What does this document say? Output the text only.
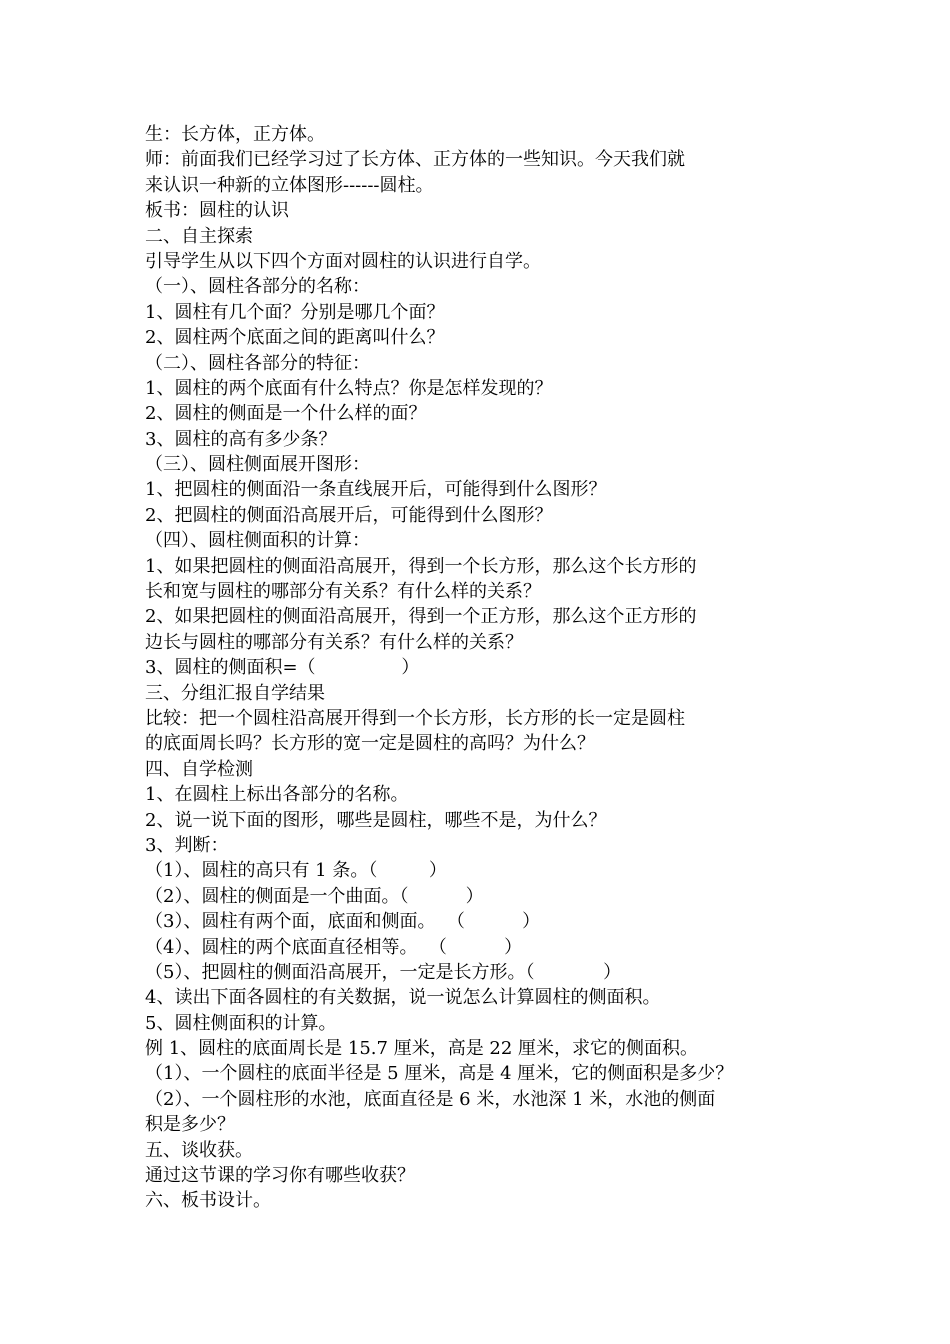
生：长方体，正方体。
师：前面我们已经学习过了长方体、正方体的一些知识。今天我们就
来认识一种新的立体图形------圆柱。
板书：圆柱的认识
二、自主探索
引导学生从以下四个方面对圆柱的认识进行自学。
（一）、圆柱各部分的名称：
1、圆柱有几个面？分别是哪几个面？
2、圆柱两个底面之间的距离叫什么？
（二）、圆柱各部分的特征：
1、圆柱的两个底面有什么特点？你是怎样发现的？
2、圆柱的侧面是一个什么样的面？
3、圆柱的高有多少条？
（三）、圆柱侧面展开图形：
1、把圆柱的侧面沿一条直线展开后，可能得到什么图形？
2、把圆柱的侧面沿高展开后，可能得到什么图形？
（四）、圆柱侧面积的计算：
1、如果把圆柱的侧面沿高展开，得到一个长方形，那么这个长方形的
长和宽与圆柱的哪部分有关系？有什么样的关系？
2、如果把圆柱的侧面沿高展开，得到一个正方形，那么这个正方形的
边长与圆柱的哪部分有关系？有什么样的关系？
3、圆柱的侧面积=（               ）
三、分组汇报自学结果
比较：把一个圆柱沿高展开得到一个长方形，长方形的长一定是圆柱
的底面周长吗？长方形的宽一定是圆柱的高吗？为什么？
四、自学检测
1、在圆柱上标出各部分的名称。
2、说一说下面的图形，哪些是圆柱，哪些不是，为什么？
3、判断：
（1）、圆柱的高只有 1 条。（         ）
（2）、圆柱的侧面是一个曲面。（          ）
（3）、圆柱有两个面，底面和侧面。  （          ）
（4）、圆柱的两个底面直径相等。  （          ）
（5）、把圆柱的侧面沿高展开，一定是长方形。（            ）
4、读出下面各圆柱的有关数据，说一说怎么计算圆柱的侧面积。
5、圆柱侧面积的计算。
例 1、圆柱的底面周长是 15.7 厘米，高是 22 厘米，求它的侧面积。
（1）、一个圆柱的底面半径是 5 厘米，高是 4 厘米，它的侧面积是多少？
（2）、一个圆柱形的水池，底面直径是 6 米，水池深 1 米，水池的侧面
积是多少？
五、谈收获。
通过这节课的学习你有哪些收获？
六、板书设计。
